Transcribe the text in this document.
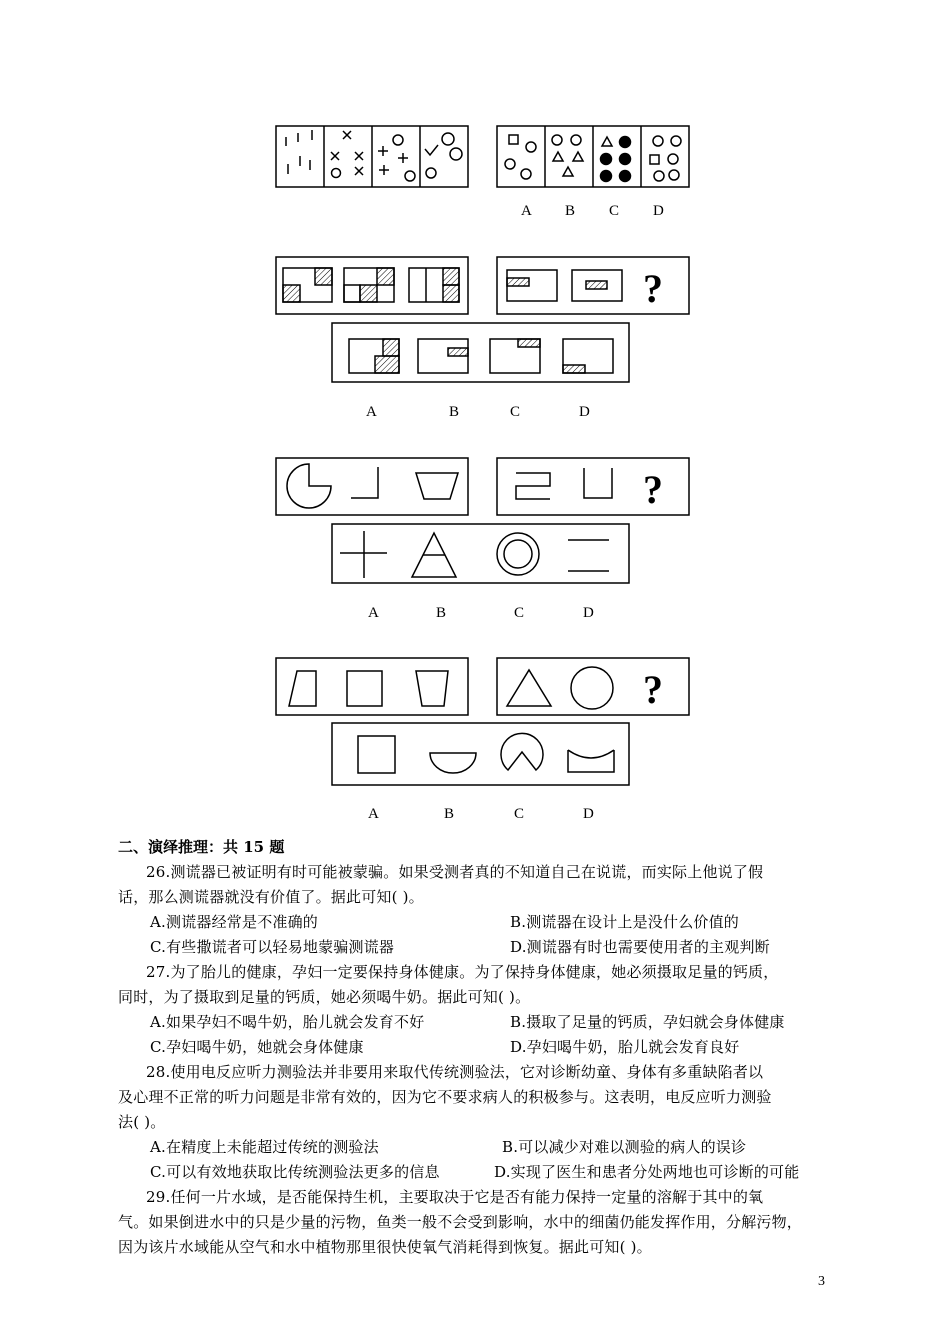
?
?
?
A B C D
A	B	C	D
A	B	C	D
A	B	C	D
二、演绎推理：共 15 题
26.测谎器已被证明有时可能被蒙骗。如果受测者真的不知道自己在说谎，而实际上他说了假
话，那么测谎器就没有价值了。据此可知( )。
A.测谎器经常是不准确的	B.测谎器在设计上是没什么价值的
C.有些撒谎者可以轻易地蒙骗测谎器	D.测谎器有时也需要使用者的主观判断
27.为了胎儿的健康，孕妇一定要保持身体健康。为了保持身体健康，她必须摄取足量的钙质，
同时，为了摄取到足量的钙质，她必须喝牛奶。据此可知( )。
A.如果孕妇不喝牛奶，胎儿就会发育不好	B.摄取了足量的钙质，孕妇就会身体健康
C.孕妇喝牛奶，她就会身体健康	D.孕妇喝牛奶，胎儿就会发育良好
28.使用电反应听力测验法并非要用来取代传统测验法，它对诊断幼童、身体有多重缺陷者以
及心理不正常的听力问题是非常有效的，因为它不要求病人的积极参与。这表明，电反应听力测验
法( )。
A.在精度上未能超过传统的测验法	B.可以减少对难以测验的病人的误诊
C.可以有效地获取比传统测验法更多的信息	D.实现了医生和患者分处两地也可诊断的可能
29.任何一片水域，是否能保持生机，主要取决于它是否有能力保持一定量的溶解于其中的氧
气。如果倒进水中的只是少量的污物，鱼类一般不会受到影响，水中的细菌仍能发挥作用，分解污物，
因为该片水域能从空气和水中植物那里很快使氧气消耗得到恢复。据此可知( )。
3
